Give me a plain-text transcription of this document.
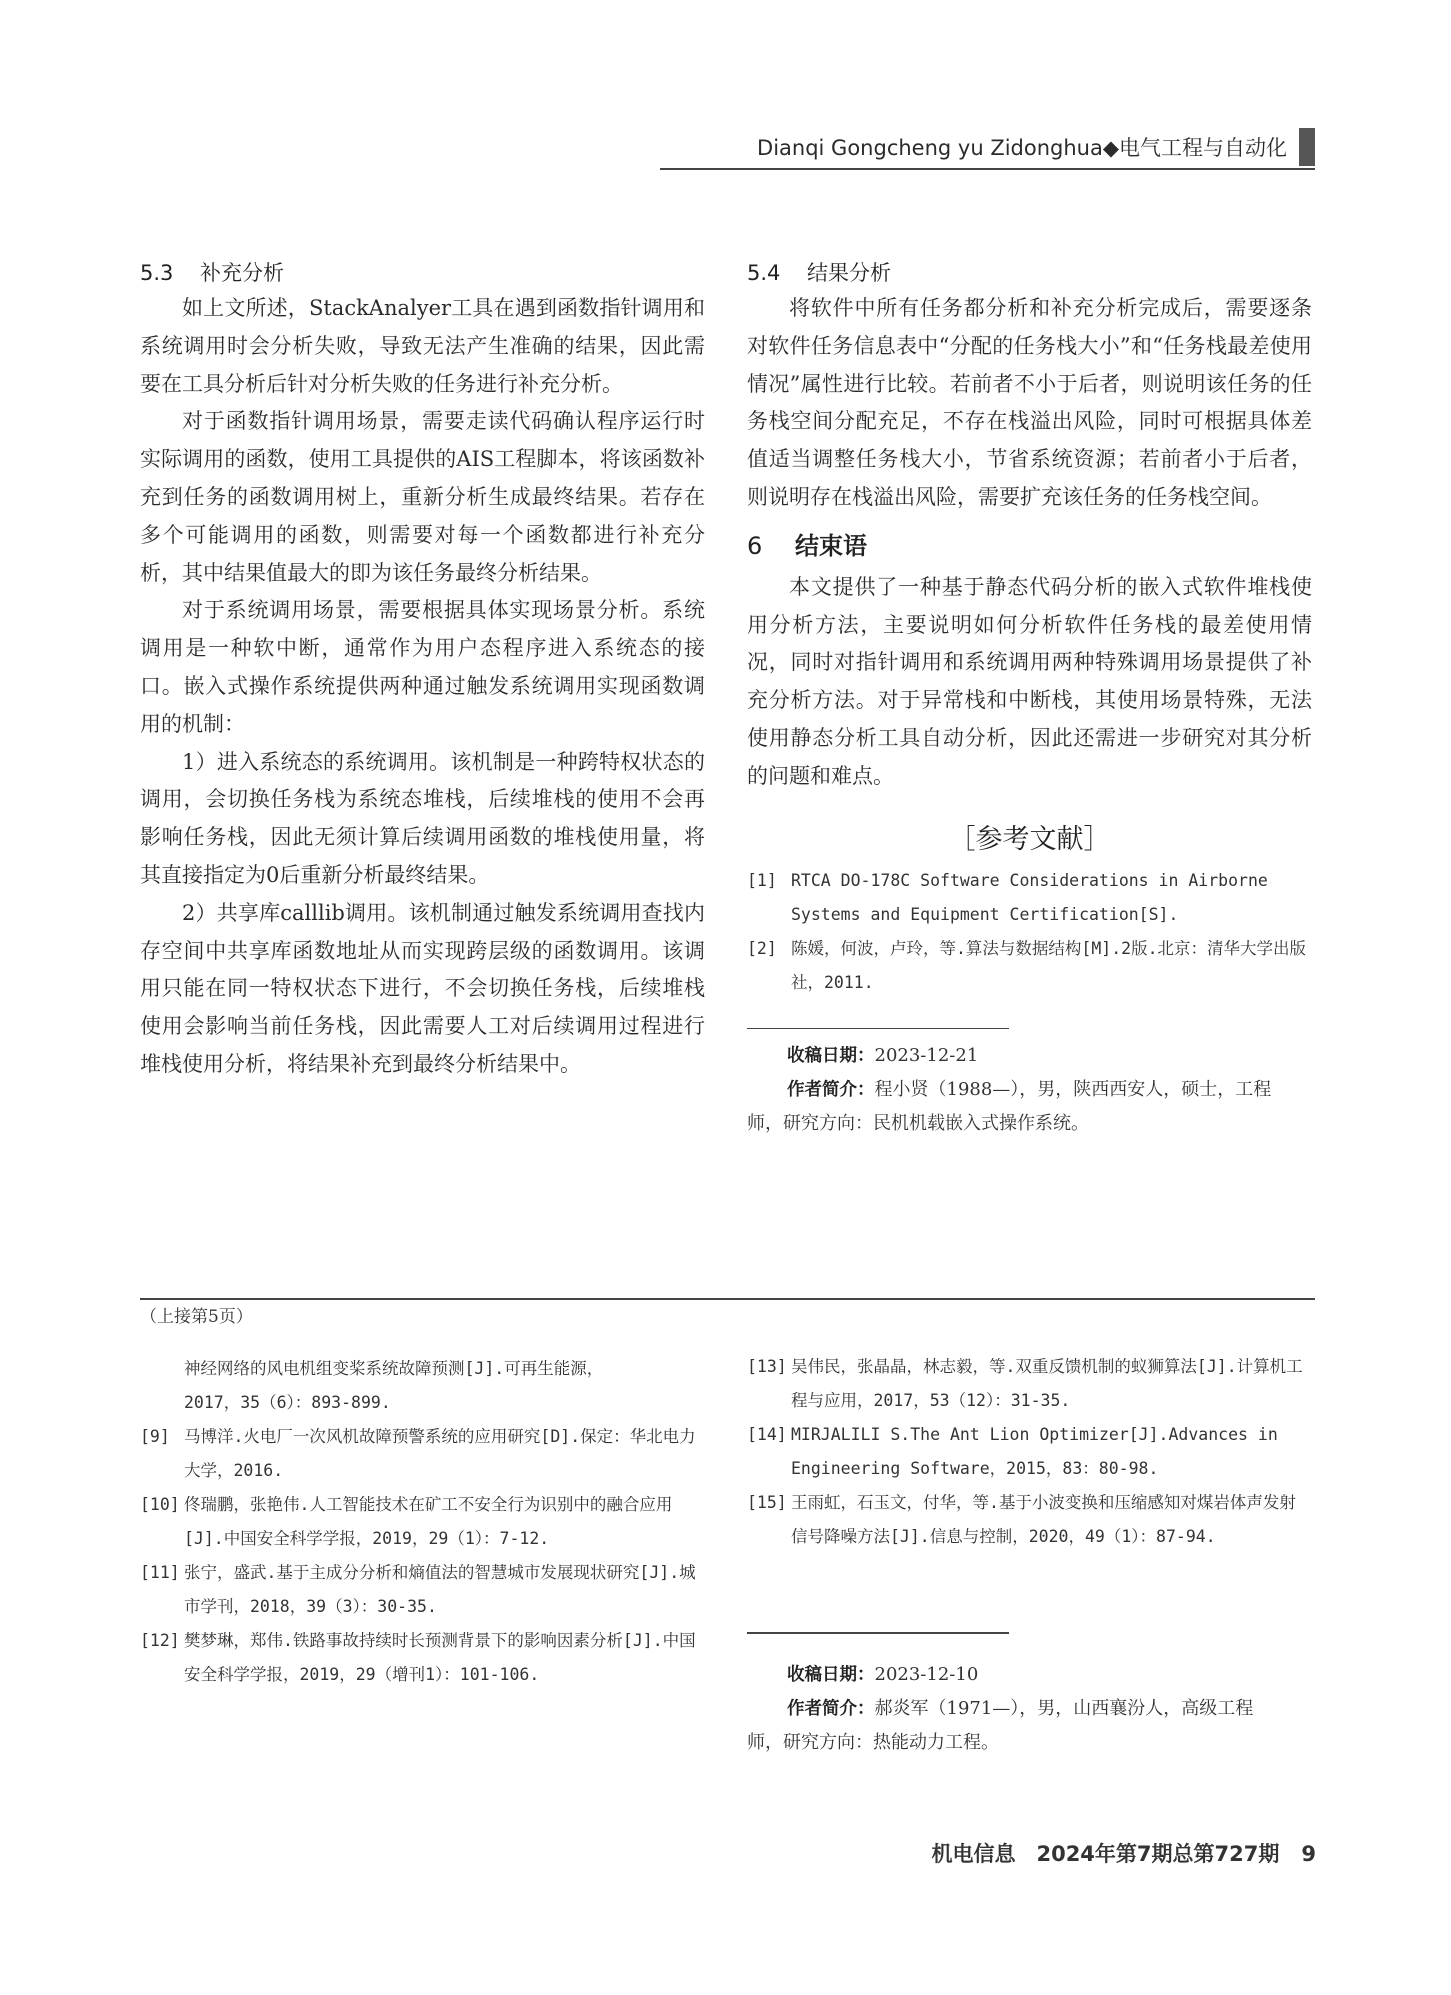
Dianqi Gongcheng yu Zidonghua◆电气工程与自动化
5.3 补充分析

如上文所述，StackAnalyer工具在遇到函数指针调用和系统调用时会分析失败，导致无法产生准确的结果，因此需要在工具分析后针对分析失败的任务进行补充分析。

对于函数指针调用场景，需要走读代码确认程序运行时实际调用的函数，使用工具提供的AIS工程脚本，将该函数补充到任务的函数调用树上，重新分析生成最终结果。若存在多个可能调用的函数，则需要对每一个函数都进行补充分析，其中结果值最大的即为该任务最终分析结果。

对于系统调用场景，需要根据具体实现场景分析。系统调用是一种软中断，通常作为用户态程序进入系统态的接口。嵌入式操作系统提供两种通过触发系统调用实现函数调用的机制：

1）进入系统态的系统调用。该机制是一种跨特权状态的调用，会切换任务栈为系统态堆栈，后续堆栈的使用不会再影响任务栈，因此无须计算后续调用函数的堆栈使用量，将其直接指定为0后重新分析最终结果。

2）共享库calllib调用。该机制通过触发系统调用查找内存空间中共享库函数地址从而实现跨层级的函数调用。该调用只能在同一特权状态下进行，不会切换任务栈，后续堆栈使用会影响当前任务栈，因此需要人工对后续调用过程进行堆栈使用分析，将结果补充到最终分析结果中。

5.4 结果分析

将软件中所有任务都分析和补充分析完成后，需要逐条对软件任务信息表中“分配的任务栈大小”和“任务栈最差使用情况”属性进行比较。若前者不小于后者，则说明该任务的任务栈空间分配充足，不存在栈溢出风险，同时可根据具体差值适当调整任务栈大小，节省系统资源；若前者小于后者，则说明存在栈溢出风险，需要扩充该任务的任务栈空间。

6 结束语

本文提供了一种基于静态代码分析的嵌入式软件堆栈使用分析方法，主要说明如何分析软件任务栈的最差使用情况，同时对指针调用和系统调用两种特殊调用场景提供了补充分析方法。对于异常栈和中断栈，其使用场景特殊，无法使用静态分析工具自动分析，因此还需进一步研究对其分析的问题和难点。

［参考文献］
[1] RTCA DO-178C Software Considerations in Airborne Systems and Equipment Certification[S].
[2] 陈媛，何波，卢玲，等.算法与数据结构[M].2版.北京：清华大学出版社，2011.
收稿日期：2023-12-21
作者简介：程小贤（1988—），男，陕西西安人，硕士，工程
师，研究方向：民机机载嵌入式操作系统。
（上接第5页）
神经网络的风电机组变桨系统故障预测[J].可再生能源，
2017，35（6）：893-899.
[9] 马博洋.火电厂一次风机故障预警系统的应用研究[D].保定：华北电力大学，2016.
[10] 佟瑞鹏，张艳伟.人工智能技术在矿工不安全行为识别中的融合应用[J].中国安全科学学报，2019，29（1）：7-12.
[11] 张宁，盛武.基于主成分分析和熵值法的智慧城市发展现状研究[J].城市学刊，2018，39（3）：30-35.
[12] 樊梦琳，郑伟.铁路事故持续时长预测背景下的影响因素分析[J].中国安全科学学报，2019，29（增刊1）：101-106.
[13] 吴伟民，张晶晶，林志毅，等.双重反馈机制的蚁狮算法[J].计算机工程与应用，2017，53（12）：31-35.
[14] MIRJALILI S.The Ant Lion Optimizer[J].Advances in Engineering Software，2015，83：80-98.
[15] 王雨虹，石玉文，付华，等.基于小波变换和压缩感知对煤岩体声发射信号降噪方法[J].信息与控制，2020，49（1）：87-94.
收稿日期：2023-12-10
作者简介：郝炎军（1971—），男，山西襄汾人，高级工程
师，研究方向：热能动力工程。
机电信息　2024年第7期总第727期 9
